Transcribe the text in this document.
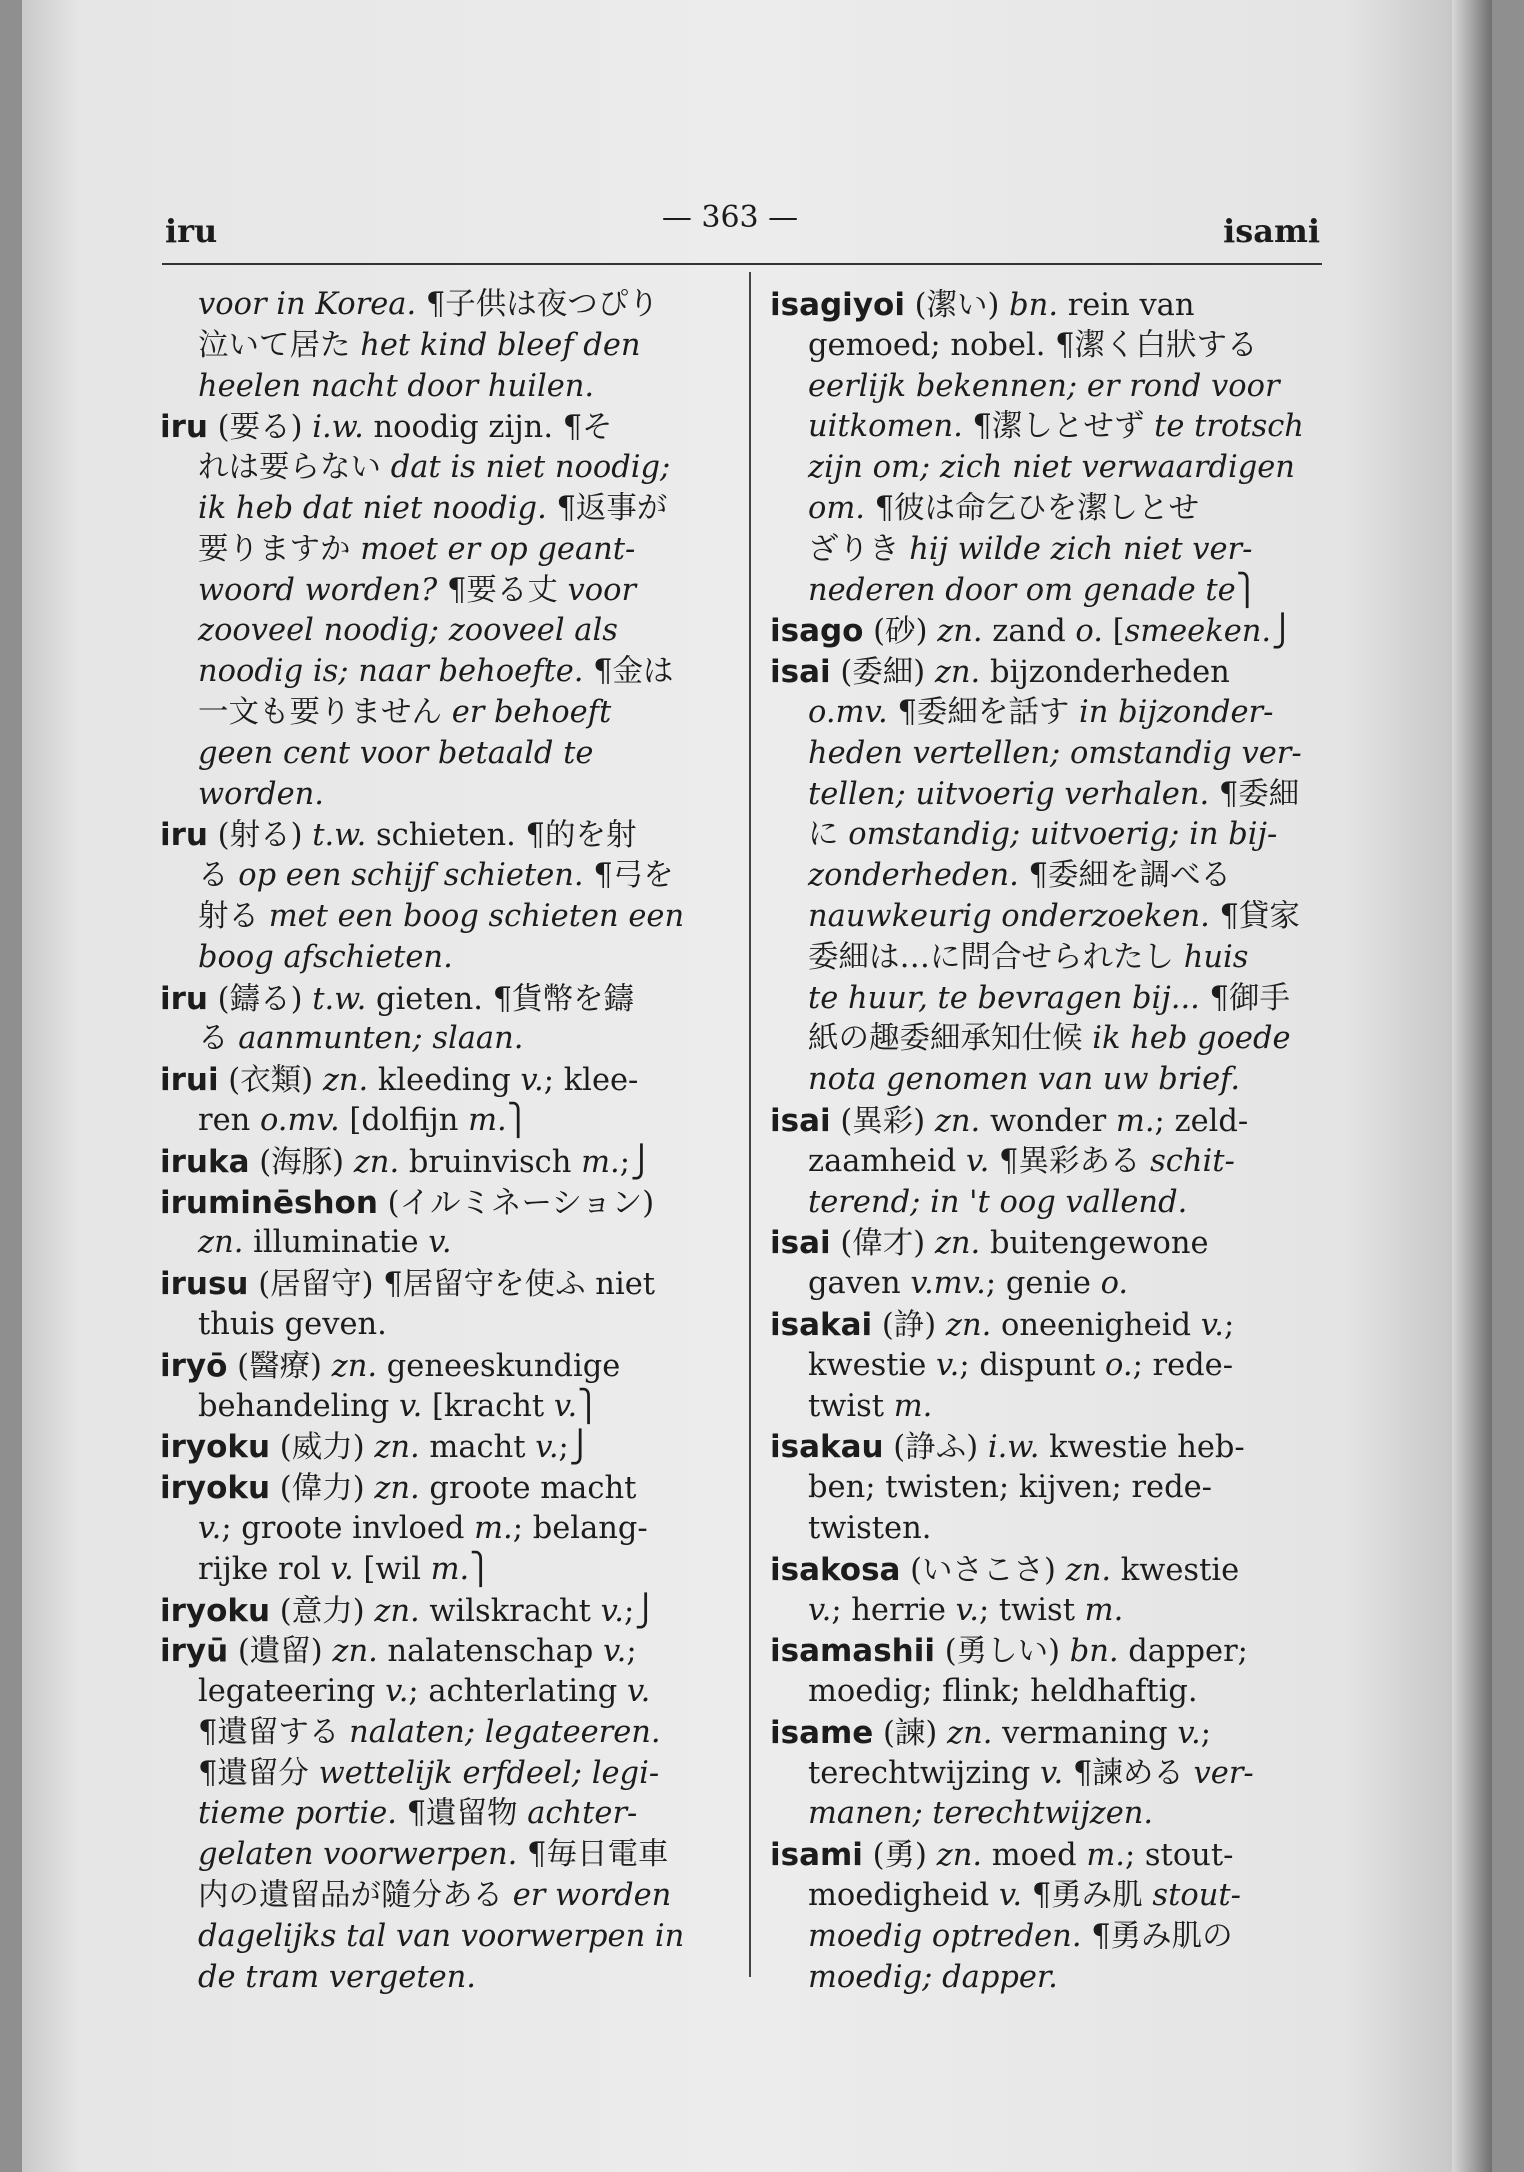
iru	— 363 —	isami
voor in Korea. ¶子供は夜つぴり
泣いて居た het kind bleef den
heelen nacht door huilen.
iru (要る) i.w. noodig zijn. ¶そ
れは要らない dat is niet noodig;
ik heb dat niet noodig. ¶返事が
要りますか moet er op geant-
woord worden? ¶要る丈 voor
zooveel noodig; zooveel als
noodig is; naar behoefte. ¶金は
一文も要りません er behoeft
geen cent voor betaald te
worden.
iru (射る) t.w. schieten. ¶的を射
る op een schijf schieten. ¶弓を
射る met een boog schieten een
boog afschieten.
iru (鑄る) t.w. gieten. ¶貨幣を鑄
る aanmunten; slaan.
irui (衣類) zn. kleeding v.; klee-
ren o.mv. [dolfijn m.⎫
iruka (海豚) zn. bruinvisch m.;⎭
iruminēshon (イルミネーション)
zn. illuminatie v.
irusu (居留守) ¶居留守を使ふ niet
thuis geven.
iryō (醫療) zn. geneeskundige
behandeling v. [kracht v.⎫
iryoku (威力) zn. macht v.;⎭
iryoku (偉力) zn. groote macht
v.; groote invloed m.; belang-
rijke rol v. [wil m.⎫
iryoku (意力) zn. wilskracht v.;⎭
iryū (遺留) zn. nalatenschap v.;
legateering v.; achterlating v.
¶遺留する nalaten; legateeren.
¶遺留分 wettelijk erfdeel; legi-
tieme portie. ¶遺留物 achter-
gelaten voorwerpen. ¶毎日電車
内の遺留品が隨分ある er worden
dagelijks tal van voorwerpen in
de tram vergeten.
isagiyoi (潔い) bn. rein van
gemoed; nobel. ¶潔く白狀する
eerlijk bekennen; er rond voor
uitkomen. ¶潔しとせず te trotsch
zijn om; zich niet verwaardigen
om. ¶彼は命乞ひを潔しとせ
ざりき hij wilde zich niet ver-
nederen door om genade te⎫
isago (砂) zn. zand o. [smeeken.⎭
isai (委細) zn. bijzonderheden
o.mv. ¶委細を話す in bijzonder-
heden vertellen; omstandig ver-
tellen; uitvoerig verhalen. ¶委細
に omstandig; uitvoerig; in bij-
zonderheden. ¶委細を調べる
nauwkeurig onderzoeken. ¶貸家
委細は…に問合せられたし huis
te huur, te bevragen bij... ¶御手
紙の趣委細承知仕候 ik heb goede
nota genomen van uw brief.
isai (異彩) zn. wonder m.; zeld-
zaamheid v. ¶異彩ある schit-
terend; in 't oog vallend.
isai (偉才) zn. buitengewone
gaven v.mv.; genie o.
isakai (諍) zn. oneenigheid v.;
kwestie v.; dispunt o.; rede-
twist m.
isakau (諍ふ) i.w. kwestie heb-
ben; twisten; kijven; rede-
twisten.
isakosa (いさこさ) zn. kwestie
v.; herrie v.; twist m.
isamashii (勇しい) bn. dapper;
moedig; flink; heldhaftig.
isame (諫) zn. vermaning v.;
terechtwijzing v. ¶諫める ver-
manen; terechtwijzen.
isami (勇) zn. moed m.; stout-
moedigheid v. ¶勇み肌 stout-
moedig optreden. ¶勇み肌の
moedig; dapper.
